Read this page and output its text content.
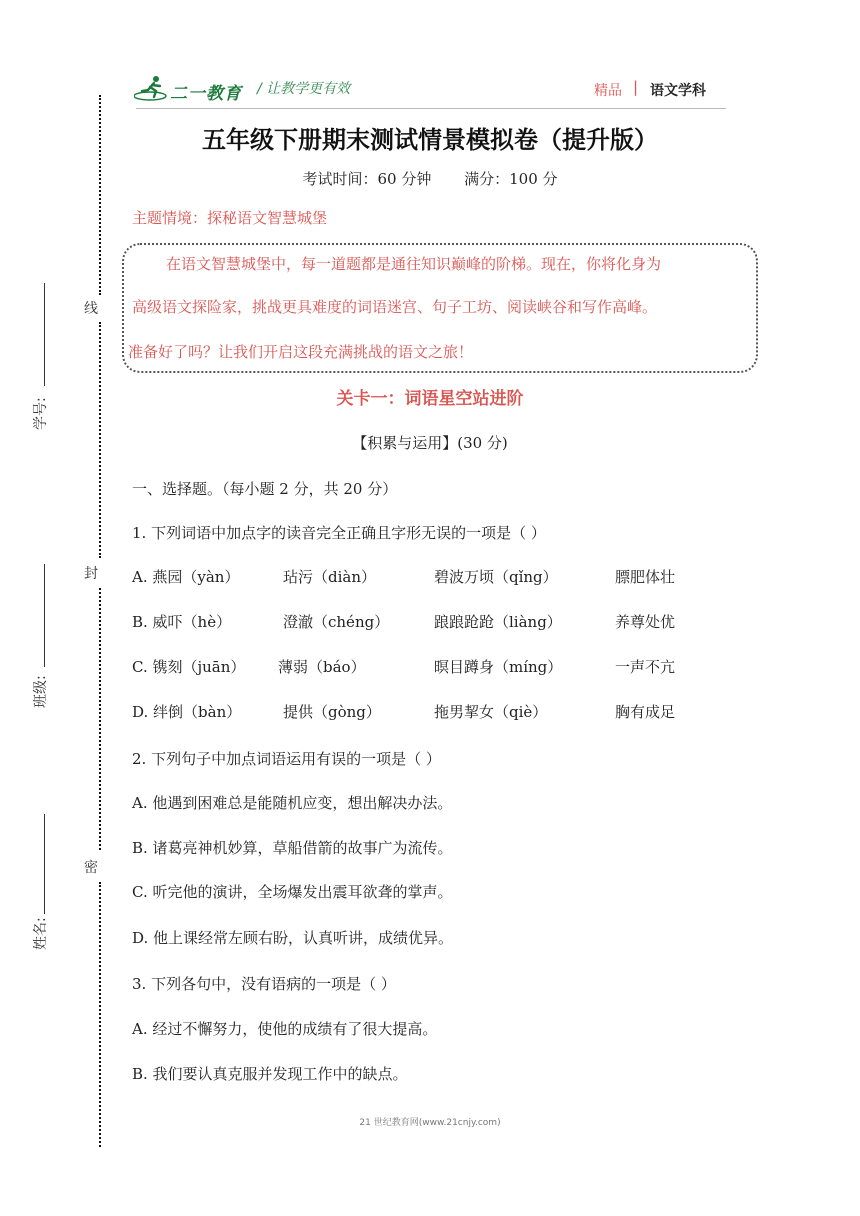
二一教育 / 让教学更有效	精品 | 语文学科
五年级下册期末测试情景模拟卷（提升版）
考试时间：60 分钟 满分：100 分
主题情境：探秘语文智慧城堡
在语文智慧城堡中，每一道题都是通往知识巅峰的阶梯。现在，你将化身为
高级语文探险家，挑战更具难度的词语迷宫、句子工坊、阅读峡谷和写作高峰。
准备好了吗？让我们开启这段充满挑战的语文之旅！
关卡一：词语星空站进阶
【积累与运用】(30 分)
一、选择题。（每小题 2 分，共 20 分）
1. 下列词语中加点字的读音完全正确且字形无误的一项是（ ）
A. 燕园（yàn）	玷污（diàn）	碧波万顷（qǐng）	膘肥体壮
B. 威吓（hè）	澄澈（chéng）	踉踉跄跄（liàng）	养尊处优
C. 镌刻（juān） 薄弱（báo）	暝目蹲身（míng）	一声不亢
D. 绊倒（bàn）	提供（gòng）	拖男挈女（qiè）	胸有成足
2. 下列句子中加点词语运用有误的一项是（ ）
A. 他遇到困难总是能随机应变，想出解决办法。
B. 诸葛亮神机妙算，草船借箭的故事广为流传。
C. 听完他的演讲，全场爆发出震耳欲聋的掌声。
D. 他上课经常左顾右盼，认真听讲，成绩优异。
3. 下列各句中，没有语病的一项是（ ）
A. 经过不懈努力，使他的成绩有了很大提高。
B. 我们要认真克服并发现工作中的缺点。
21 世纪教育网(www.21cnjy.com)
线
封
密
学号:
班级:
姓名:
